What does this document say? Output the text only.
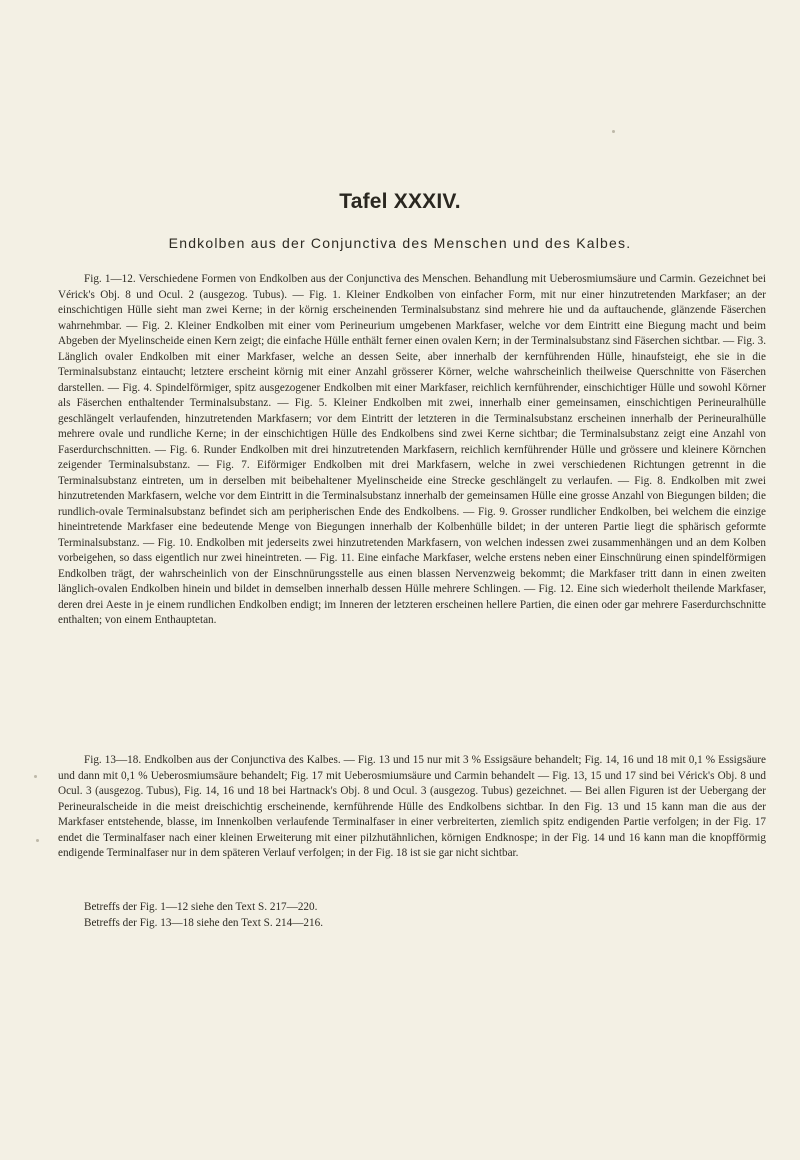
Tafel XXXIV.
Endkolben aus der Conjunctiva des Menschen und des Kalbes.

Fig. 1—12. Verschiedene Formen von Endkolben aus der Conjunctiva des Menschen. Behandlung mit Ueberosmiumsäure und Carmin. Gezeichnet bei Vérick's Obj. 8 und Ocul. 2 (ausgezog. Tubus). — Fig. 1. Kleiner Endkolben von einfacher Form, mit nur einer hinzutretenden Markfaser; an der einschichtigen Hülle sieht man zwei Kerne; in der körnig erscheinenden Terminalsubstanz sind mehrere hie und da auftauchende, glänzende Fäserchen wahrnehmbar. — Fig. 2. Kleiner Endkolben mit einer vom Perineurium umgebenen Markfaser, welche vor dem Eintritt eine Biegung macht und beim Abgeben der Myelinscheide einen Kern zeigt; die einfache Hülle enthält ferner einen ovalen Kern; in der Terminalsubstanz sind Fäserchen sichtbar. — Fig. 3. Länglich ovaler Endkolben mit einer Markfaser, welche an dessen Seite, aber innerhalb der kernführenden Hülle, hinaufsteigt, ehe sie in die Terminalsubstanz eintaucht; letztere erscheint körnig mit einer Anzahl grösserer Körner, welche wahrscheinlich theilweise Querschnitte von Fäserchen darstellen. — Fig. 4. Spindelförmiger, spitz ausgezogener Endkolben mit einer Markfaser, reichlich kernführender, einschichtiger Hülle und sowohl Körner als Fäserchen enthaltender Terminalsubstanz. — Fig. 5. Kleiner Endkolben mit zwei, innerhalb einer gemeinsamen, einschichtigen Perineuralhülle geschlängelt verlaufenden, hinzutretenden Markfasern; vor dem Eintritt der letzteren in die Terminalsubstanz erscheinen innerhalb der Perineuralhülle mehrere ovale und rundliche Kerne; in der einschichtigen Hülle des Endkolbens sind zwei Kerne sichtbar; die Terminalsubstanz zeigt eine Anzahl von Faserdurchschnitten. — Fig. 6. Runder Endkolben mit drei hinzutretenden Markfasern, reichlich kernführender Hülle und grössere und kleinere Körnchen zeigender Terminalsubstanz. — Fig. 7. Eiförmiger Endkolben mit drei Markfasern, welche in zwei verschiedenen Richtungen getrennt in die Terminalsubstanz eintreten, um in derselben mit beibehaltener Myelinscheide eine Strecke geschlängelt zu verlaufen. — Fig. 8. Endkolben mit zwei hinzutretenden Markfasern, welche vor dem Eintritt in die Terminalsubstanz innerhalb der gemeinsamen Hülle eine grosse Anzahl von Biegungen bilden; die rundlich-ovale Terminalsubstanz befindet sich am peripherischen Ende des Endkolbens. — Fig. 9. Grosser rundlicher Endkolben, bei welchem die einzige hineintretende Markfaser eine bedeutende Menge von Biegungen innerhalb der Kolbenhülle bildet; in der unteren Partie liegt die sphärisch geformte Terminalsubstanz. — Fig. 10. Endkolben mit jederseits zwei hinzutretenden Markfasern, von welchen indessen zwei zusammenhängen und an dem Kolben vorbeigehen, so dass eigentlich nur zwei hineintreten. — Fig. 11. Eine einfache Markfaser, welche erstens neben einer Einschnürung einen spindelförmigen Endkolben trägt, der wahrscheinlich von der Einschnürungsstelle aus einen blassen Nervenzweig bekommt; die Markfaser tritt dann in einen zweiten länglich-ovalen Endkolben hinein und bildet in demselben innerhalb dessen Hülle mehrere Schlingen. — Fig. 12. Eine sich wiederholt theilende Markfaser, deren drei Aeste in je einem rundlichen Endkolben endigt; im Inneren der letzteren erscheinen hellere Partien, die einen oder gar mehrere Faserdurchschnitte enthalten; von einem Enthauptetan.

Fig. 13—18. Endkolben aus der Conjunctiva des Kalbes. — Fig. 13 und 15 nur mit 3 % Essigsäure behandelt; Fig. 14, 16 und 18 mit 0,1 % Essigsäure und dann mit 0,1 % Ueberosmiumsäure behandelt; Fig. 17 mit Ueberosmiumsäure und Carmin behandelt — Fig. 13, 15 und 17 sind bei Vérick's Obj. 8 und Ocul. 3 (ausgezog. Tubus), Fig. 14, 16 und 18 bei Hartnack's Obj. 8 und Ocul. 3 (ausgezog. Tubus) gezeichnet. — Bei allen Figuren ist der Uebergang der Perineuralscheide in die meist dreischichtig erscheinende, kernführende Hülle des Endkolbens sichtbar. In den Fig. 13 und 15 kann man die aus der Markfaser entstehende, blasse, im Innenkolben verlaufende Terminalfaser in einer verbreiterten, ziemlich spitz endigenden Partie verfolgen; in der Fig. 17 endet die Terminalfaser nach einer kleinen Erweiterung mit einer pilzhutähnlichen, körnigen Endknospe; in der Fig. 14 und 16 kann man die knopfförmig endigende Terminalfaser nur in dem späteren Verlauf verfolgen; in der Fig. 18 ist sie gar nicht sichtbar.

Betreffs der Fig. 1—12 siehe den Text S. 217—220.
Betreffs der Fig. 13—18 siehe den Text S. 214—216.
